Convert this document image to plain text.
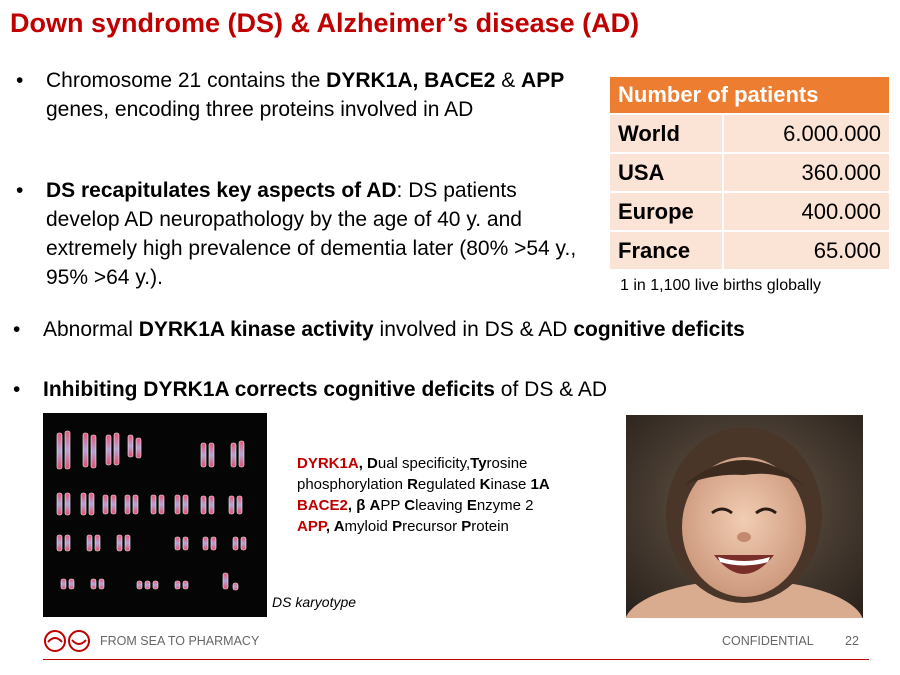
Down syndrome (DS) & Alzheimer’s disease (AD)
• Chromosome 21 contains the DYRK1A, BACE2 & APP genes, encoding three proteins involved in AD
• DS recapitulates key aspects of AD: DS patients develop AD neuropathology by the age of 40 y. and extremely high prevalence of dementia later (80% >54 y., 95% >64 y.).
• Abnormal DYRK1A kinase activity involved in DS & AD cognitive deficits
• Inhibiting DYRK1A corrects cognitive deficits of DS & AD
Number of patients	
World	6.000.000
USA	360.000
Europe	400.000
France	65.000
1 in 1,100 live births globally
DS karyotype
DYRK1A, Dual specificity,Tyrosine
phosphorylation Regulated Kinase 1A
BACE2, β APP Cleaving Enzyme 2
APP, Amyloid Precursor Protein
FROM SEA TO PHARMACY	CONFIDENTIAL	22
